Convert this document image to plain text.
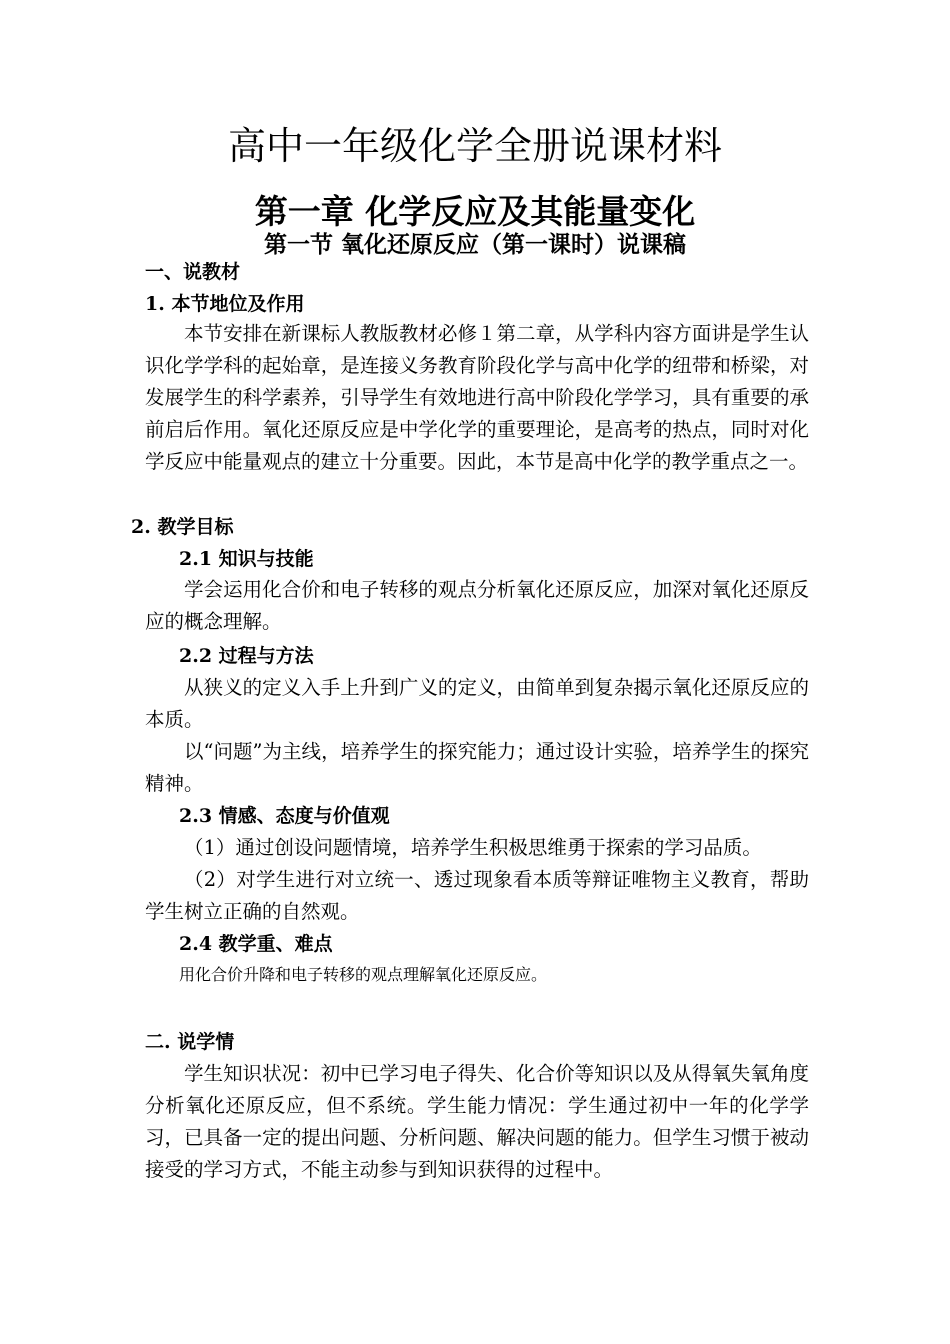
高中一年级化学全册说课材料
第一章 化学反应及其能量变化
第一节 氧化还原反应（第一课时）说课稿
一、说教材
1. 本节地位及作用
本节安排在新课标人教版教材必修１第二章，从学科内容方面讲是学生认识化学学科的起始章，是连接义务教育阶段化学与高中化学的纽带和桥梁，对发展学生的科学素养，引导学生有效地进行高中阶段化学学习，具有重要的承前启后作用。氧化还原反应是中学化学的重要理论，是高考的热点，同时对化学反应中能量观点的建立十分重要。因此，本节是高中化学的教学重点之一。
2. 教学目标
2.1 知识与技能
学会运用化合价和电子转移的观点分析氧化还原反应，加深对氧化还原反应的概念理解。
2.2 过程与方法
从狭义的定义入手上升到广义的定义，由简单到复杂揭示氧化还原反应的本质。
以“问题”为主线，培养学生的探究能力；通过设计实验，培养学生的探究精神。
2.3 情感、态度与价值观
（1）通过创设问题情境，培养学生积极思维勇于探索的学习品质。
（2）对学生进行对立统一、透过现象看本质等辩证唯物主义教育，帮助学生树立正确的自然观。
2.4 教学重、难点
用化合价升降和电子转移的观点理解氧化还原反应。
二. 说学情
学生知识状况：初中已学习电子得失、化合价等知识以及从得氧失氧角度分析氧化还原反应，但不系统。学生能力情况：学生通过初中一年的化学学习，已具备一定的提出问题、分析问题、解决问题的能力。但学生习惯于被动接受的学习方式，不能主动参与到知识获得的过程中。
